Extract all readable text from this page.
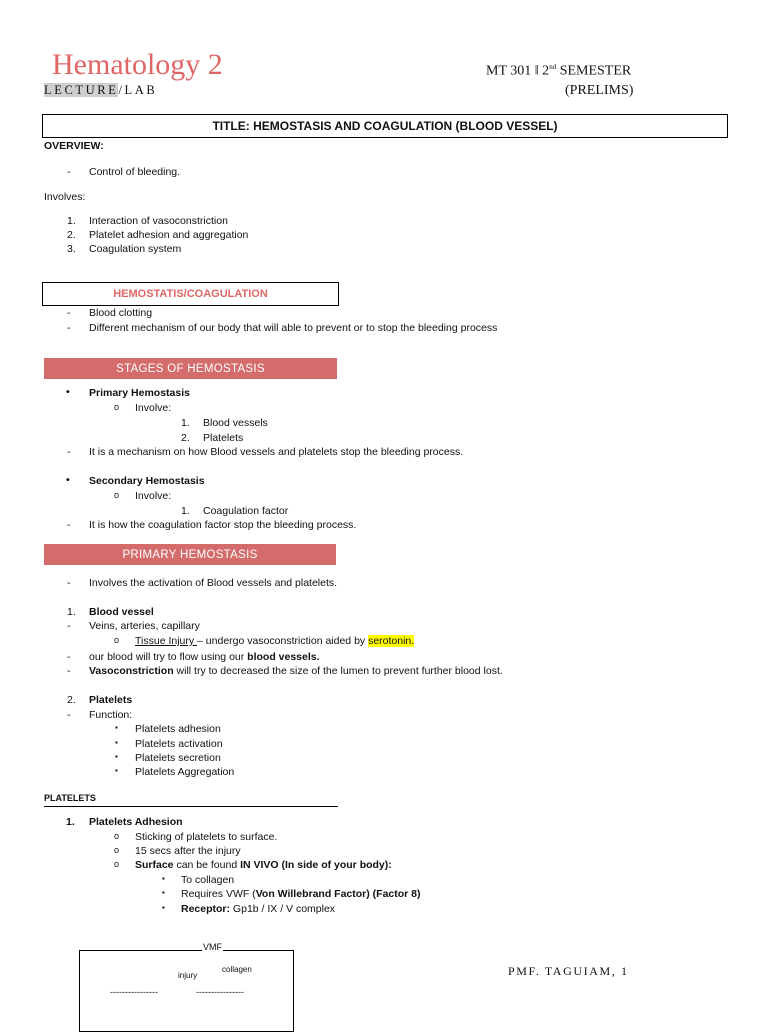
Hematology 2
LECTURE/LAB
MT 301 ‖ 2nd SEMESTER
(PRELIMS)
TITLE: HEMOSTASIS AND COAGULATION (BLOOD VESSEL)
OVERVIEW:
- Control of bleeding.
Involves:
1. Interaction of vasoconstriction
2. Platelet adhesion and aggregation
3. Coagulation system
HEMOSTATIS/COAGULATION
- Blood clotting
- Different mechanism of our body that will able to prevent or to stop the bleeding process
STAGES OF HEMOSTASIS
• Primary Hemostasis
o Involve:
1. Blood vessels
2. Platelets
- It is a mechanism on how Blood vessels and platelets stop the bleeding process.
• Secondary Hemostasis
o Involve:
1. Coagulation factor
- It is how the coagulation factor stop the bleeding process.
PRIMARY HEMOSTASIS
- Involves the activation of Blood vessels and platelets.
1. Blood vessel
- Veins, arteries, capillary
o Tissue Injury – undergo vasoconstriction aided by serotonin.
- our blood will try to flow using our blood vessels.
- Vasoconstriction will try to decreased the size of the lumen to prevent further blood lost.
2. Platelets
- Function:
▪ Platelets adhesion
▪ Platelets activation
▪ Platelets secretion
▪ Platelets Aggregation
PLATELETS
1. Platelets Adhesion
o Sticking of platelets to surface.
o 15 secs after the injury
o Surface can be found IN VIVO (In side of your body):
▪ To collagen
▪ Requires VWF (Von Willebrand Factor) (Factor 8)
▪ Receptor: Gp1b / IX / V complex
VMF
injury
collagen
----------------	----------------
PMF. TAGUIAM, 1
